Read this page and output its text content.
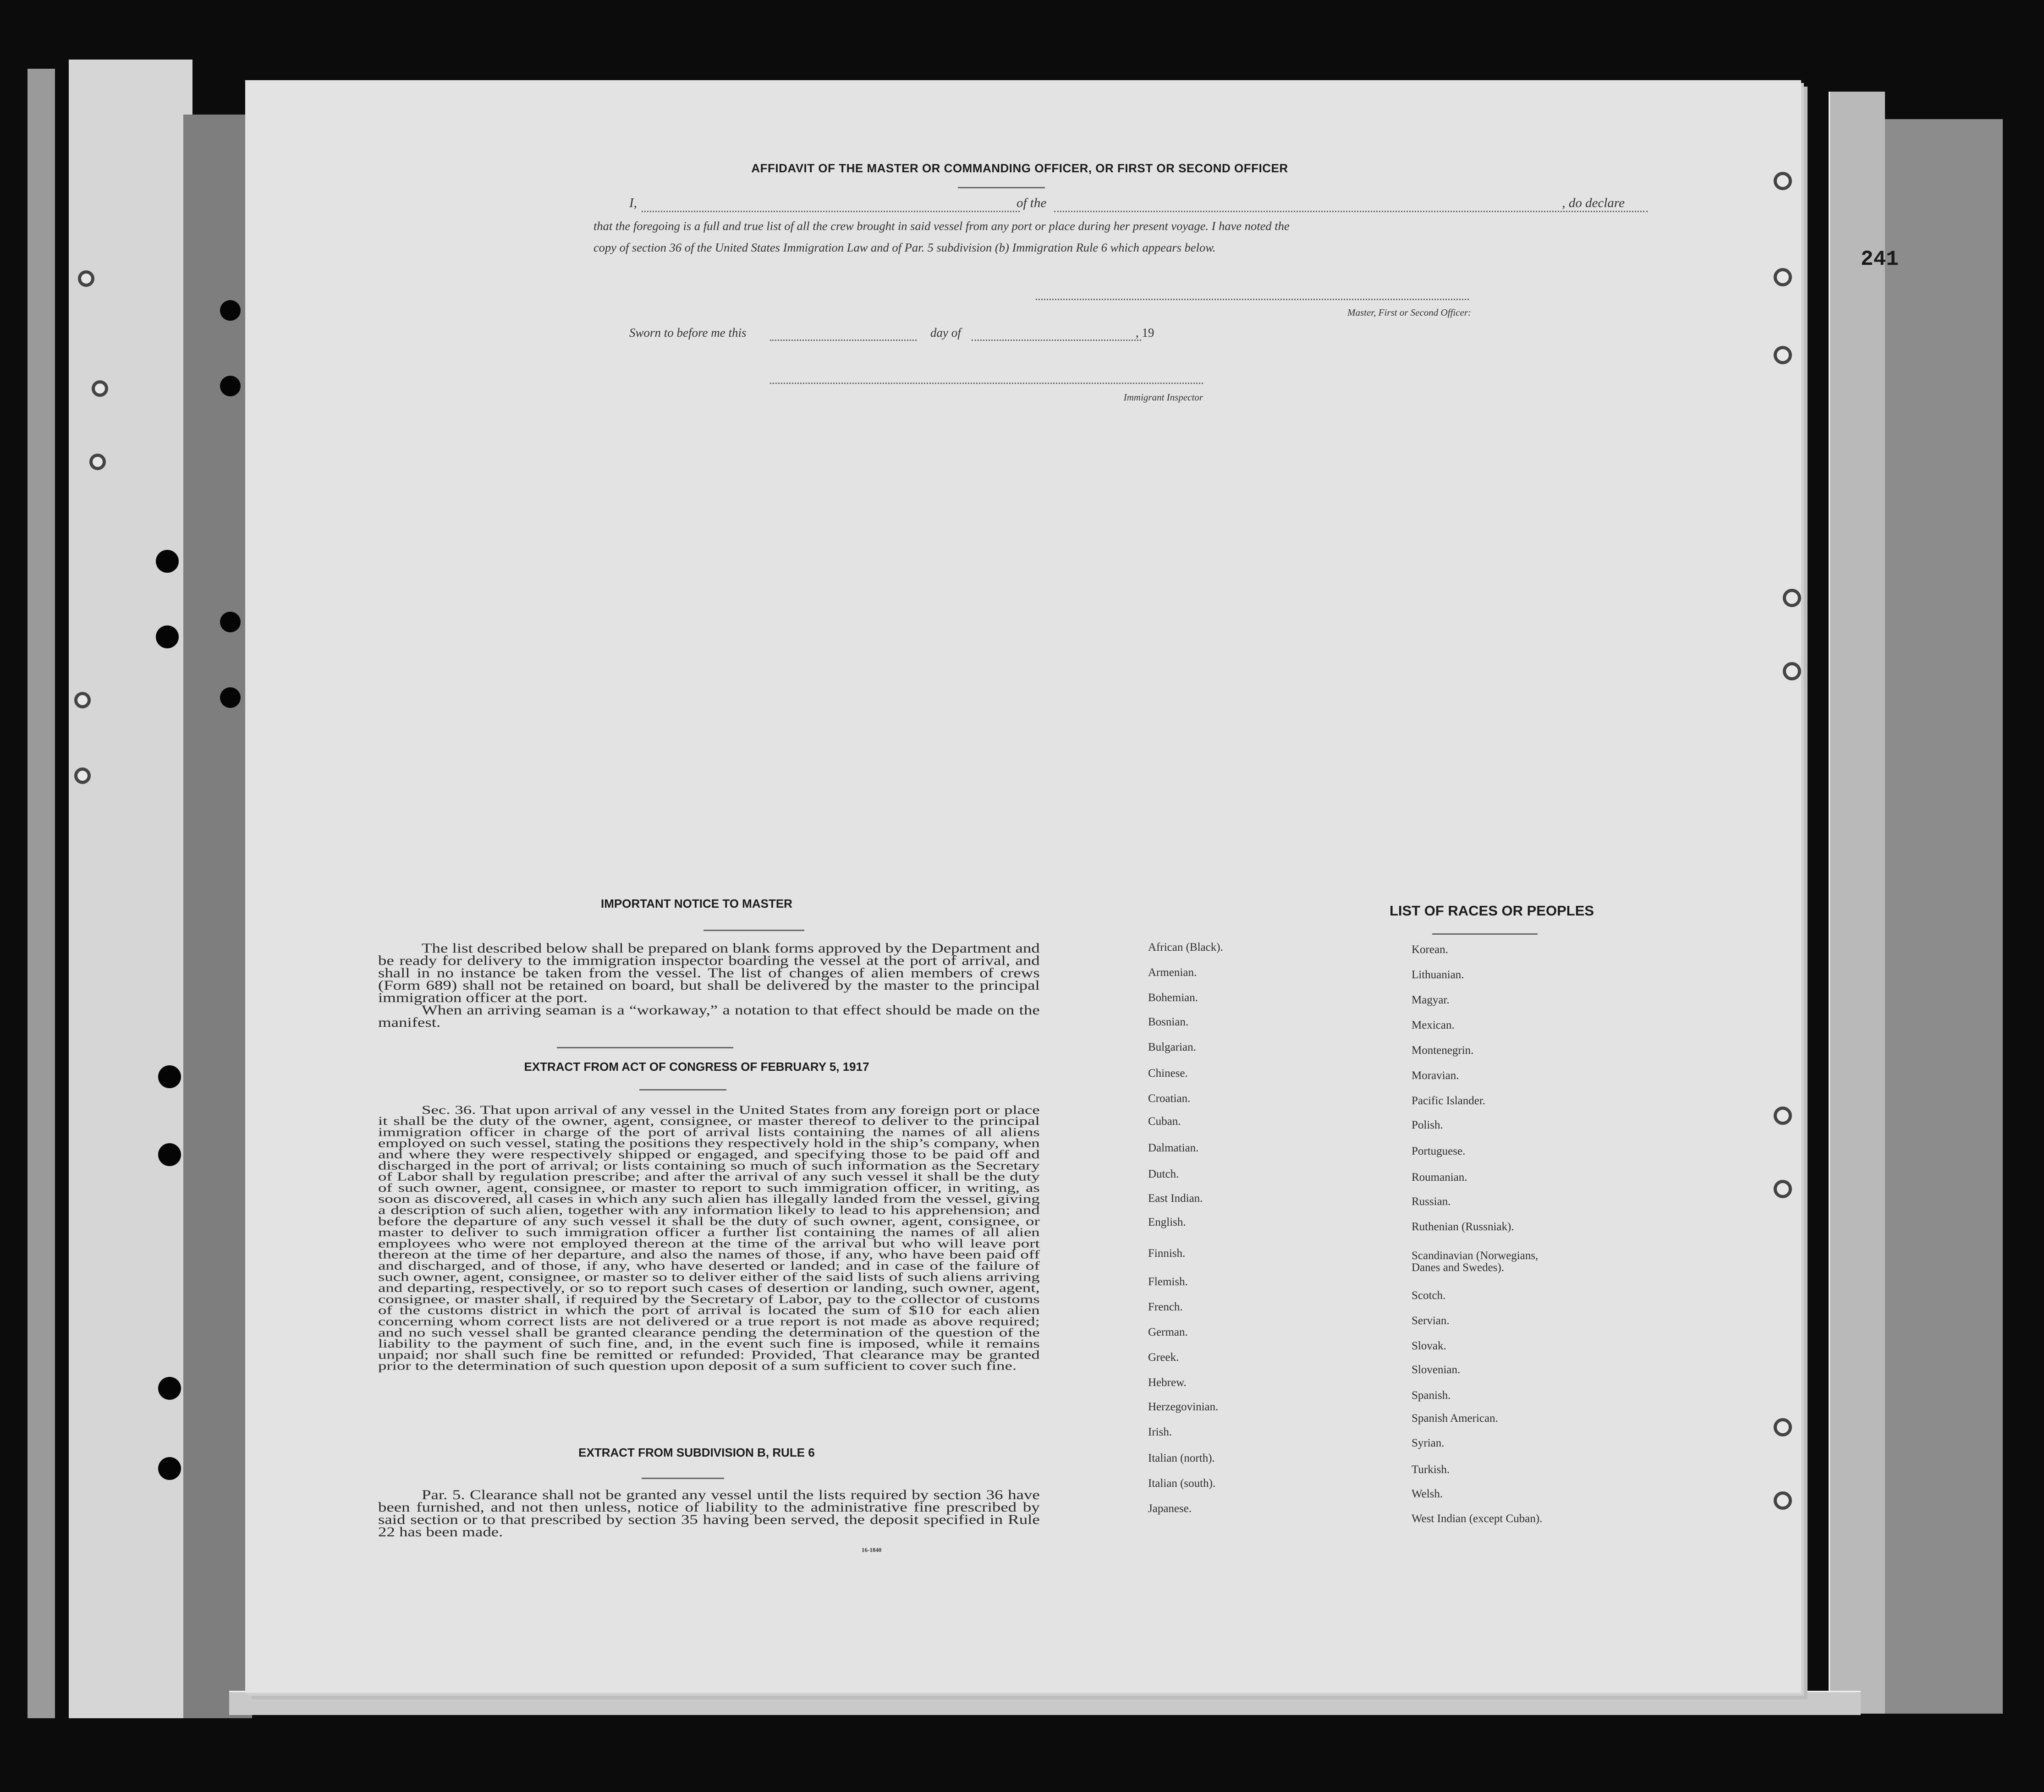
AFFIDAVIT OF THE MASTER OR COMMANDING OFFICER, OR FIRST OR SECOND OFFICER
I,	of the	, do declare
that the foregoing is a full and true list of all the crew brought in said vessel from any port or place during her present voyage. I have noted the
copy of section 36 of the United States Immigration Law and of Par. 5 subdivision (b) Immigration Rule 6 which appears below.
Master, First or Second Officer:
Sworn to before me this	day of	, 19
Immigrant Inspector
IMPORTANT NOTICE TO MASTER

The list described below shall be prepared on blank forms approved by the Department and be ready for delivery to the immigration inspector boarding the vessel at the port of arrival, and shall in no instance be taken from the vessel. The list of changes of alien members of crews (Form 689) shall not be retained on board, but shall be delivered by the master to the principal immigration officer at the port.

When an arriving seaman is a “workaway,” a notation to that effect should be made on the manifest.

EXTRACT FROM ACT OF CONGRESS OF FEBRUARY 5, 1917

Sec. 36. That upon arrival of any vessel in the United States from any foreign port or place it shall be the duty of the owner, agent, consignee, or master thereof to deliver to the principal immigration officer in charge of the port of arrival lists containing the names of all aliens employed on such vessel, stating the positions they respectively hold in the ship’s company, when and where they were respectively shipped or engaged, and specifying those to be paid off and discharged in the port of arrival; or lists containing so much of such information as the Secretary of Labor shall by regulation prescribe; and after the arrival of any such vessel it shall be the duty of such owner, agent, consignee, or master to report to such immigration officer, in writing, as soon as discovered, all cases in which any such alien has illegally landed from the vessel, giving a description of such alien, together with any information likely to lead to his apprehension; and before the departure of any such vessel it shall be the duty of such owner, agent, consignee, or master to deliver to such immigration officer a further list containing the names of all alien employees who were not employed thereon at the time of the arrival but who will leave port thereon at the time of her departure, and also the names of those, if any, who have been paid off and discharged, and of those, if any, who have deserted or landed; and in case of the failure of such owner, agent, consignee, or master so to deliver either of the said lists of such aliens arriving and departing, respectively, or so to report such cases of desertion or landing, such owner, agent, consignee, or master shall, if required by the Secretary of Labor, pay to the collector of customs of the customs district in which the port of arrival is located the sum of $10 for each alien concerning whom correct lists are not delivered or a true report is not made as above required; and no such vessel shall be granted clearance pending the determination of the question of the liability to the payment of such fine, and, in the event such fine is imposed, while it remains unpaid; nor shall such fine be remitted or refunded: Provided, That clearance may be granted prior to the determination of such question upon deposit of a sum sufficient to cover such fine.

EXTRACT FROM SUBDIVISION B, RULE 6

Par. 5. Clearance shall not be granted any vessel until the lists required by section 36 have been furnished, and not then unless, notice of liability to the administrative fine prescribed by said section or to that prescribed by section 35 having been served, the deposit specified in Rule 22 has been made.

16-1840
LIST OF RACES OR PEOPLES
African (Black).
Armenian.
Bohemian.
Bosnian.
Bulgarian.
Chinese.
Croatian.
Cuban.
Dalmatian.
Dutch.
East Indian.
English.
Finnish.
Flemish.
French.
German.
Greek.
Hebrew.
Herzegovinian.
Irish.
Italian (north).
Italian (south).
Japanese.
Korean.
Lithuanian.
Magyar.
Mexican.
Montenegrin.
Moravian.
Pacific Islander.
Polish.
Portuguese.
Roumanian.
Russian.
Ruthenian (Russniak).
Scandinavian (Norwegians,
Danes and Swedes).
Scotch.
Servian.
Slovak.
Slovenian.
Spanish.
Spanish American.
Syrian.
Turkish.
Welsh.
West Indian (except Cuban).
241
